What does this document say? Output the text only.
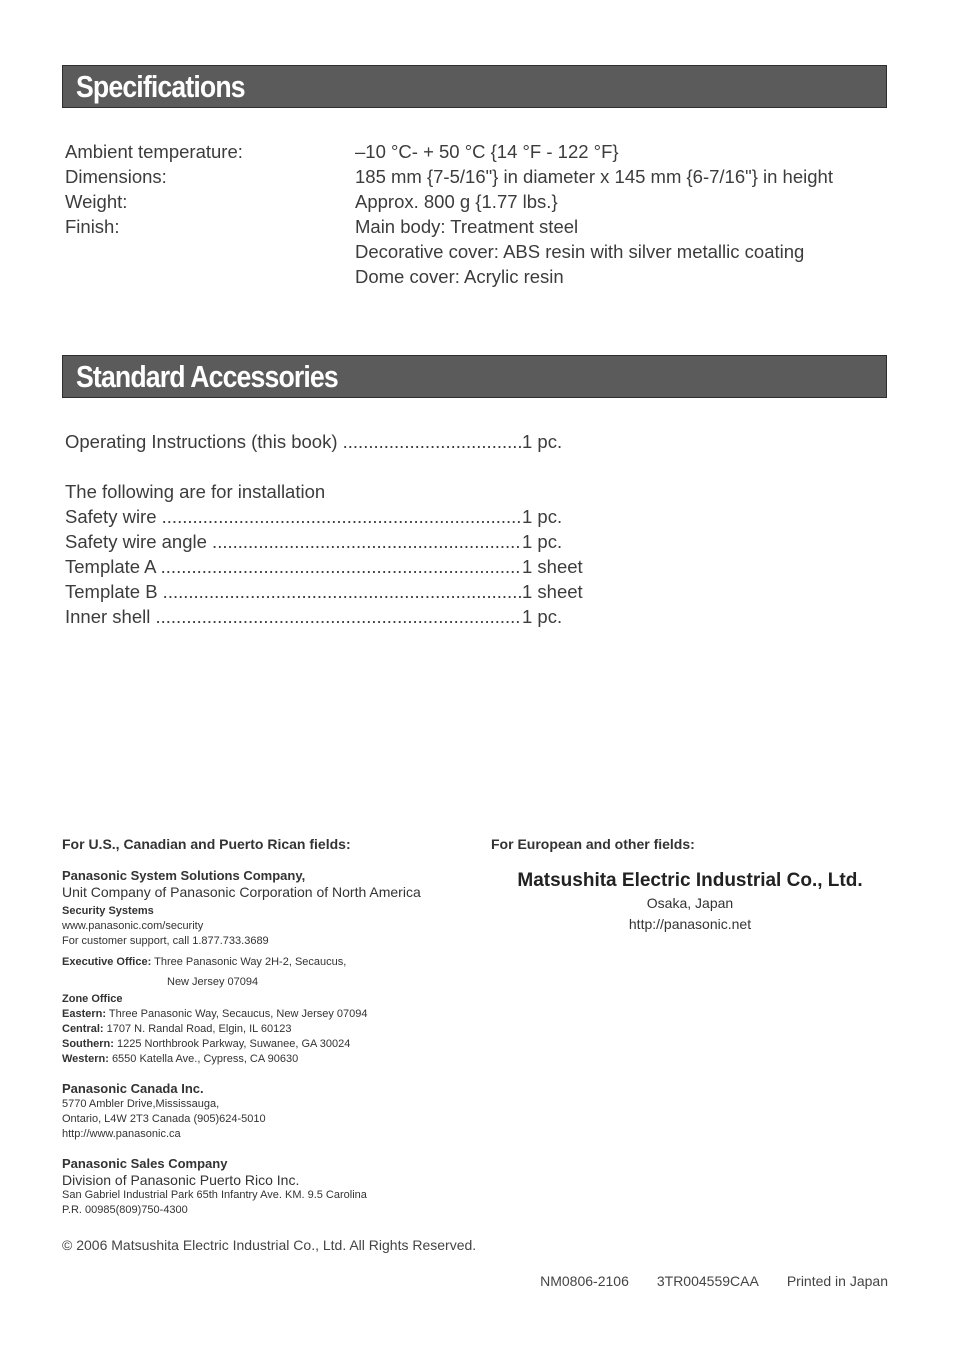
Specifications
Ambient temperature:	–10 °C- + 50 °C {14 °F - 122 °F}
Dimensions:	185 mm {7-5/16"} in diameter x 145 mm {6-7/16"} in height
Weight:	Approx. 800 g {1.77 lbs.}
Finish:	Main body: Treatment steel
Decorative cover: ABS resin with silver metallic coating
Dome cover: Acrylic resin
Standard Accessories
Operating Instructions (this book) .....	1 pc.
The following are for installation
Safety wire .....	1 pc.
Safety wire angle .....	1 pc.
Template A .....	1 sheet
Template B .....	1 sheet
Inner shell .....	1 pc.
For U.S., Canadian and Puerto Rican fields:
Panasonic System Solutions Company,
Unit Company of Panasonic Corporation of North America
Security Systems
www.panasonic.com/security
For customer support, call 1.877.733.3689
Executive Office: Three Panasonic Way 2H-2, Secaucus,
New Jersey 07094
Zone Office
Eastern: Three Panasonic Way, Secaucus, New Jersey 07094
Central: 1707 N. Randal Road, Elgin, IL 60123
Southern: 1225 Northbrook Parkway, Suwanee, GA 30024
Western: 6550 Katella Ave., Cypress, CA 90630
Panasonic Canada Inc.
5770 Ambler Drive,Mississauga,
Ontario, L4W 2T3 Canada (905)624-5010
http://www.panasonic.ca
Panasonic Sales Company
Division of Panasonic Puerto Rico Inc.
San Gabriel Industrial Park 65th Infantry Ave. KM. 9.5 Carolina
P.R. 00985(809)750-4300
For European and other fields:
Matsushita Electric Industrial Co., Ltd.
Osaka, Japan
http://panasonic.net
© 2006 Matsushita Electric Industrial Co., Ltd. All Rights Reserved.
NM0806-2106 3TR004559CAA Printed in Japan
